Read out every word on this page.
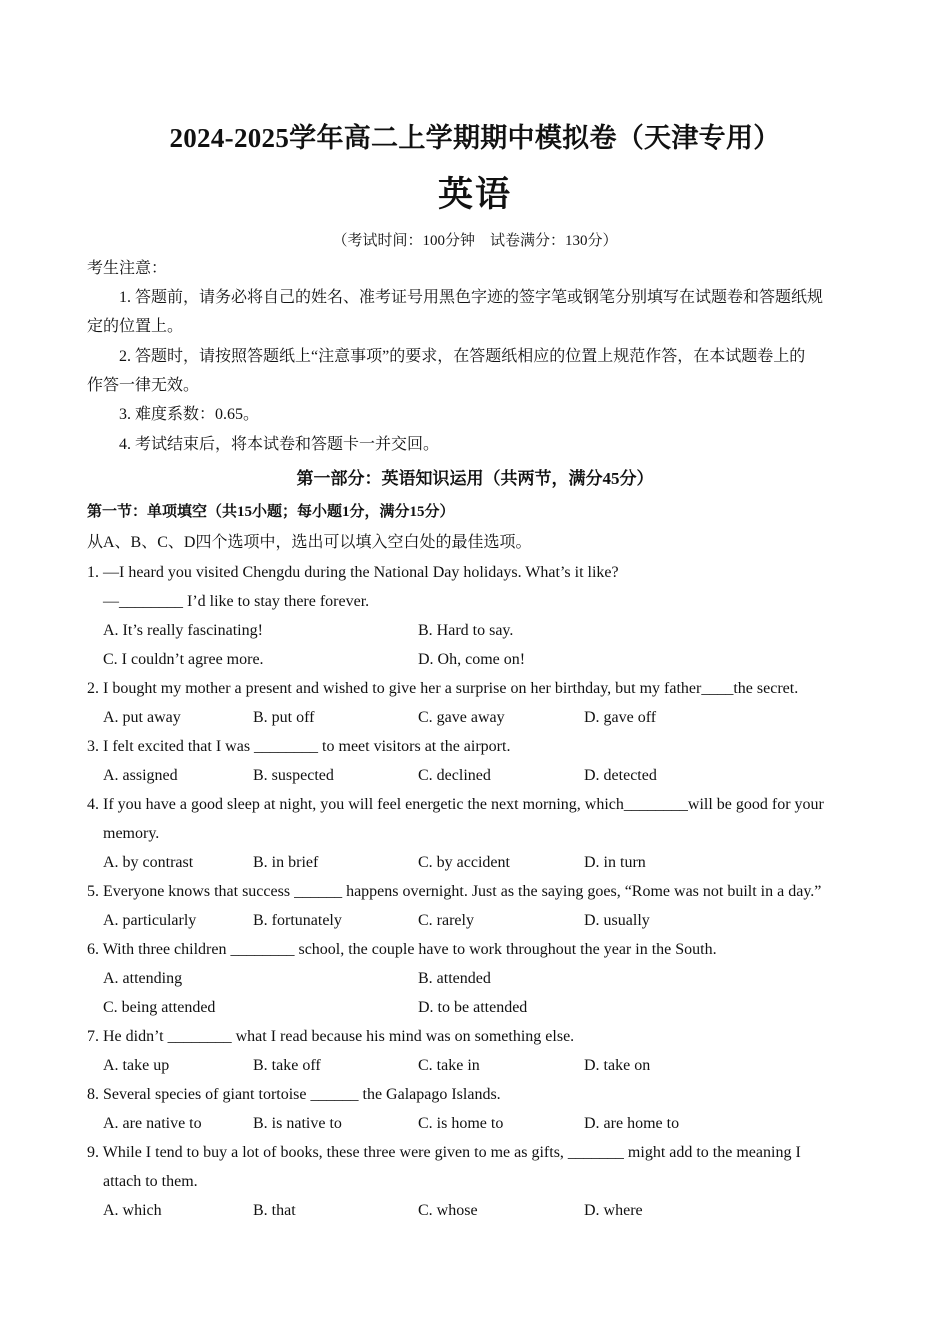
2024-2025学年高二上学期期中模拟卷（天津专用）
英语
（考试时间：100分钟　试卷满分：130分）
考生注意：
1. 答题前，请务必将自己的姓名、准考证号用黑色字迹的签字笔或钢笔分别填写在试题卷和答题纸规
定的位置上。
2. 答题时，请按照答题纸上“注意事项”的要求，在答题纸相应的位置上规范作答，在本试题卷上的
作答一律无效。
3. 难度系数：0.65。
4. 考试结束后，将本试卷和答题卡一并交回。
第一部分：英语知识运用（共两节，满分45分）
第一节：单项填空（共15小题；每小题1分，满分15分）
从A、B、C、D四个选项中，选出可以填入空白处的最佳选项。
1. —I heard you visited Chengdu during the National Day holidays. What’s it like?
—________ I’d like to stay there forever.
A. It’s really fascinating!	B. Hard to say.
C. I couldn’t agree more.	D. Oh, come on!
2. I bought my mother a present and wished to give her a surprise on her birthday, but my father____the secret.
A. put away	B. put off	C. gave away	D. gave off
3. I felt excited that I was ________ to meet visitors at the airport.
A. assigned	B. suspected	C. declined	D. detected
4. If you have a good sleep at night, you will feel energetic the next morning, which________will be good for your
memory.
A. by contrast	B. in brief	C. by accident	D. in turn
5. Everyone knows that success ______ happens overnight. Just as the saying goes, “Rome was not built in a day.”
A. particularly	B. fortunately	C. rarely	D. usually
6. With three children ________ school, the couple have to work throughout the year in the South.
A. attending	B. attended
C. being attended	D. to be attended
7. He didn’t ________ what I read because his mind was on something else.
A. take up	B. take off	C. take in	D. take on
8. Several species of giant tortoise ______ the Galapago Islands.
A. are native to	B. is native to	C. is home to	D. are home to
9. While I tend to buy a lot of books, these three were given to me as gifts, _______ might add to the meaning I
attach to them.
A. which	B. that	C. whose	D. where
